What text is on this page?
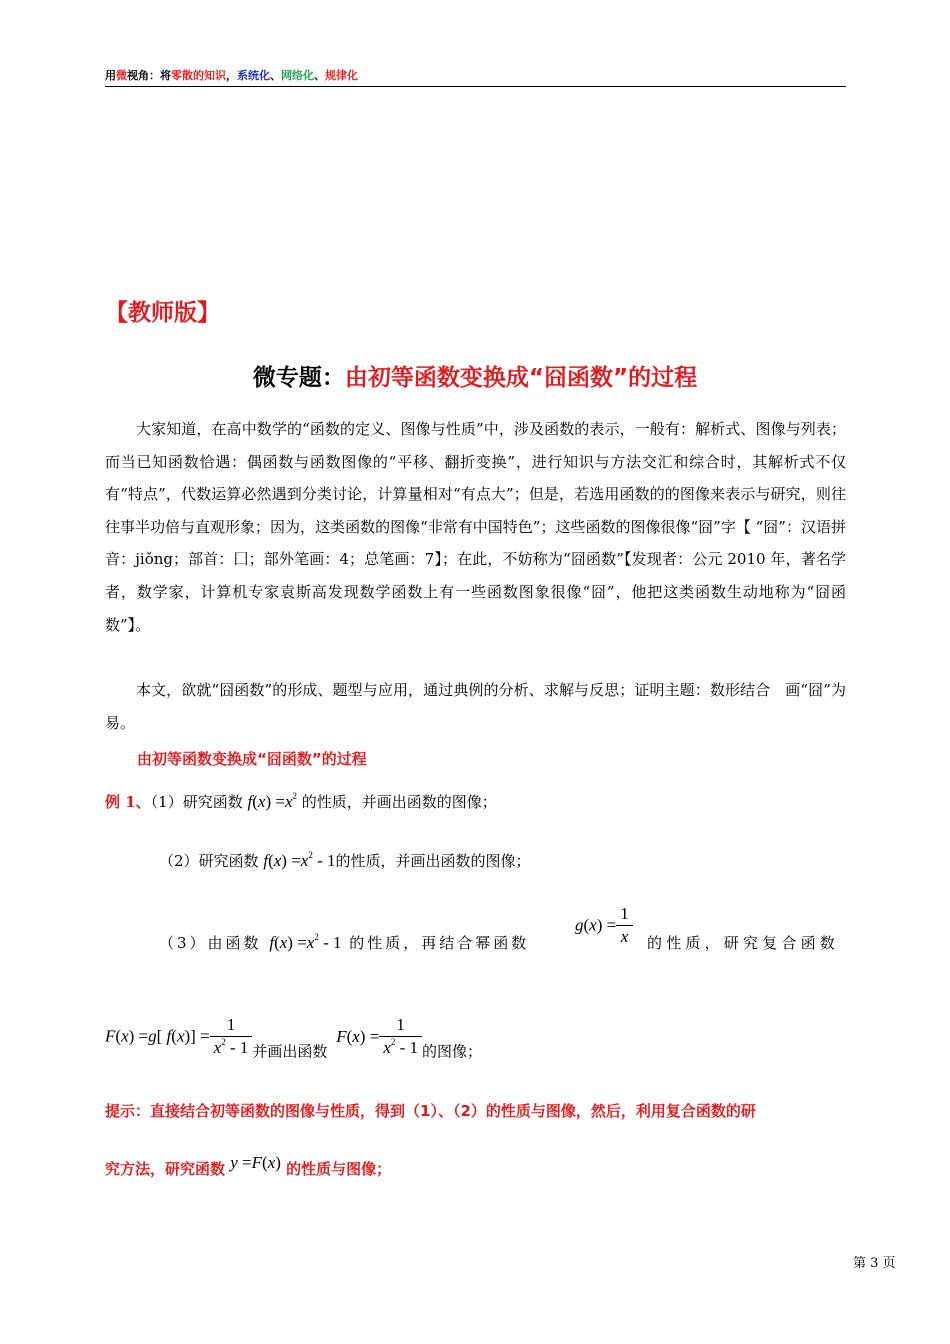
用微视角：将零散的知识，系统化、网络化、规律化
【教师版】
微专题：由初等函数变换成“囧函数”的过程
大家知道，在高中数学的“函数的定义、图像与性质”中，涉及函数的表示，一般有：解析式、图像与列表；而当已知函数恰遇：偶函数与函数图像的“平移、翻折变换”，进行知识与方法交汇和综合时，其解析式不仅有“特点”，代数运算必然遇到分类讨论，计算量相对“有点大”；但是，若选用函数的的图像来表示与研究，则往往事半功倍与直观形象；因为，这类函数的图像“非常有中国特色”；这些函数的图像很像“囧”字【 “囧”：汉语拼音：jiǒng；部首：囗；部外笔画：4；总笔画：7】；在此，不妨称为“囧函数”【发现者：公元 2010 年，著名学者，数学家，计算机专家袁斯高发现数学函数上有一些函数图象很像“囧”，他把这类函数生动地称为“囧函数”】。
本文，欲就“囧函数”的形成、题型与应用，通过典例的分析、求解与反思；证明主题：数形结合　画“囧”为易。
由初等函数变换成“囧函数”的过程
例 1、（1）研究函数 $f(x) =x^2$ 的性质，并画出函数的图像；
（2）研究函数 $f(x) =x^2 - 1$的性质，并画出函数的图像；
（3）由函数 $f(x) =x^2 - 1$ 的性质，再结合幂函数
$g(x) = \frac{1}{x}$ 的性质，研究复合函数
F(x) =g[ $f(x)] = \frac{1}{x^2 - 1}$ 并画出函数 $F(x) = \frac{1}{x^2 - 1}$ 的图像；
提示：直接结合初等函数的图像与性质，得到（1）、（2）的性质与图像，然后，利用复合函数的研
究方法，研究函数 y =F(x) 的性质与图像；
第 3 页
